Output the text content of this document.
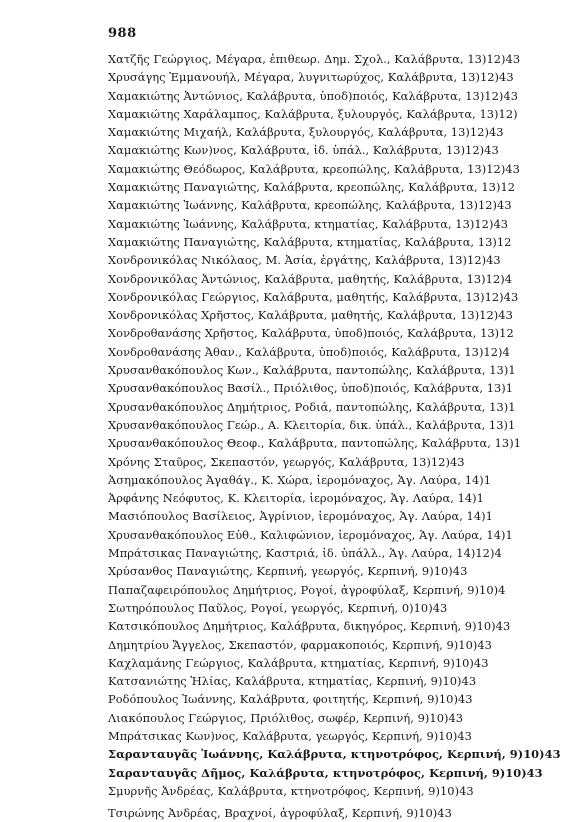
988
Χατζῆς Γεώργιος, Μέγαρα, ἐπιθεωρ. Δημ. Σχολ., Καλάβρυτα, 13)12)43
Χρυσάγης Ἐμμανουήλ, Μέγαρα, λυγνιτωρύχος, Καλάβρυτα, 13)12)43
Χαμακιώτης Ἀντώνιος, Καλάβρυτα, ὑποδ)ποιός, Καλάβρυτα, 13)12)43
Χαμακιώτης Χαράλαμπος, Καλάβρυτα, ξυλουργός, Καλάβρυτα, 13)12)
Χαμακιώτης Μιχαήλ, Καλάβρυτα, ξυλουργός, Καλάβρυτα, 13)12)43
Χαμακιώτης Κων)νος, Καλάβρυτα, ἰδ. ὑπάλ., Καλάβρυτα, 13)12)43
Χαμακιώτης Θεόδωρος, Καλάβρυτα, κρεοπώλης, Καλάβρυτα, 13)12)43
Χαμακιώτης Παναγιώτης, Καλάβρυτα, κρεοπώλης, Καλάβρυτα, 13)12
Χαμακιώτης Ἰωάννης, Καλάβρυτα, κρεοπώλης, Καλάβρυτα, 13)12)43
Χαμακιώτης Ἰωάννης, Καλάβρυτα, κτηματίας, Καλάβρυτα, 13)12)43
Χαμακιώτης Παναγιώτης, Καλάβρυτα, κτηματίας, Καλάβρυτα, 13)12
Χονδρονικόλας Νικόλαος, Μ. Ἀσία, ἐργάτης, Καλάβρυτα, 13)12)43
Χονδρονικόλας Ἀντώνιος, Καλάβρυτα, μαθητής, Καλάβρυτα, 13)12)4
Χονδρονικόλας Γεώργιος, Καλάβρυτα, μαθητής, Καλάβρυτα, 13)12)43
Χονδρονικόλας Χρῆστος, Καλάβρυτα, μαθητής, Καλάβρυτα, 13)12)43
Χονδροθανάσης Χρῆστος, Καλάβρυτα, ὑποδ)ποιός, Καλάβρυτα, 13)12
Χονδροθανάσης Ἀθαν., Καλάβρυτα, ὑποδ)ποιός, Καλάβρυτα, 13)12)4
Χρυσανθακόπουλος Κων., Καλάβρυτα, παντοπώλης, Καλάβρυτα, 13)1
Χρυσανθακόπουλος Βασίλ., Πριόλιθος, ὑποδ)ποιός, Καλάβρυτα, 13)1
Χρυσανθακόπουλος Δημήτριος, Ροδιά, παντοπώλης, Καλάβρυτα, 13)1
Χρυσανθακόπουλος Γεώρ., Α. Κλειτορία, δικ. ὑπάλ., Καλάβρυτα, 13)1
Χρυσανθακόπουλος Θεοφ., Καλάβρυτα, παντοπώλης, Καλάβρυτα, 13)1
Χρόνης Σταῦρος, Σκεπαστόν, γεωργός, Καλάβρυτα, 13)12)43
Ἀσημακόπουλος Ἀγαθάγ., Κ. Χώρα, ἱερομόναχος, Ἁγ. Λαύρα, 14)1
Ἀρφάνης Νεόφυτος, Κ. Κλειτορία, ἱερομόναχος, Ἁγ. Λαύρα, 14)1
Μασιόπουλος Βασίλειος, Ἀγρίνιον, ἱερομόναχος, Ἁγ. Λαύρα, 14)1
Χρυσανθακόπουλος Εὐθ., Καλιφώνιον, ἱερομόναχος, Ἁγ. Λαύρα, 14)1
Μπράτσικας Παναγιώτης, Καστριά, ἰδ. ὑπάλλ., Ἁγ. Λαύρα, 14)12)4
Χρύσανθος Παναγιώτης, Κερπινή, γεωργός, Κερπινή, 9)10)43
Παπαζαφειρόπουλος Δημήτριος, Ρογοί, ἀγροφύλαξ, Κερπινή, 9)10)4
Σωτηρόπουλος Παῦλος, Ρογοί, γεωργός, Κερπινή, 0)10)43
Κατσικόπουλος Δημήτριος, Καλάβρυτα, δικηγόρος, Κερπινή, 9)10)43
Δημητρίου Ἄγγελος, Σκεπαστόν, φαρμακοποιός, Κερπινή, 9)10)43
Καχλαμάνης Γεώργιος, Καλάβρυτα, κτηματίας, Κερπινή, 9)10)43
Κατσανιώτης Ἠλίας, Καλάβρυτα, κτηματίας, Κερπινή, 9)10)43
Ροδόπουλος Ἰωάννης, Καλάβρυτα, φοιτητής, Κερπινή, 9)10)43
Λιακόπουλος Γεώργιος, Πριόλιθος, σωφέρ, Κερπινή, 9)10)43
Μπράτσικας Κων)νος, Καλάβρυτα, γεωργός, Κερπινή, 9)10)43
Σαρανταυγᾶς Ἰωάννης, Καλάβρυτα, κτηνοτρόφος, Κερπινή, 9)10)43
Σαρανταυγᾶς Δῆμος, Καλάβρυτα, κτηνοτρόφος, Κερπινή, 9)10)43
Σμυρνῆς Ἀνδρέας, Καλάβρυτα, κτηνοτρόφος, Κερπινή, 9)10)43
Τσιρώνης Ἀνδρέας, Βραχνοί, ἀγροφύλαξ, Κερπινή, 9)10)43
